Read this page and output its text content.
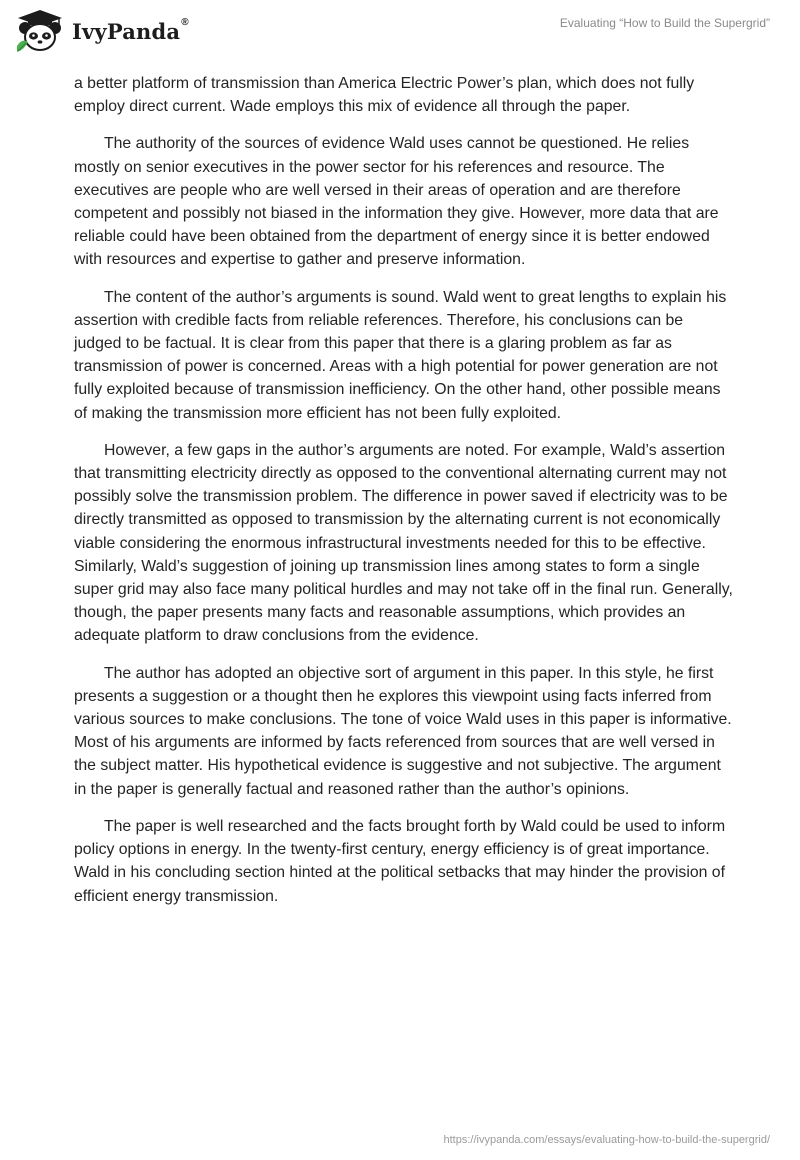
IvyPanda®	Evaluating “How to Build the Supergrid”

a better platform of transmission than America Electric Power’s plan, which does not fully employ direct current. Wade employs this mix of evidence all through the paper.

The authority of the sources of evidence Wald uses cannot be questioned. He relies mostly on senior executives in the power sector for his references and resource. The executives are people who are well versed in their areas of operation and are therefore competent and possibly not biased in the information they give. However, more data that are reliable could have been obtained from the department of energy since it is better endowed with resources and expertise to gather and preserve information.

The content of the author’s arguments is sound. Wald went to great lengths to explain his assertion with credible facts from reliable references. Therefore, his conclusions can be judged to be factual. It is clear from this paper that there is a glaring problem as far as transmission of power is concerned. Areas with a high potential for power generation are not fully exploited because of transmission inefficiency. On the other hand, other possible means of making the transmission more efficient has not been fully exploited.

However, a few gaps in the author’s arguments are noted. For example, Wald’s assertion that transmitting electricity directly as opposed to the conventional alternating current may not possibly solve the transmission problem. The difference in power saved if electricity was to be directly transmitted as opposed to transmission by the alternating current is not economically viable considering the enormous infrastructural investments needed for this to be effective. Similarly, Wald’s suggestion of joining up transmission lines among states to form a single super grid may also face many political hurdles and may not take off in the final run. Generally, though, the paper presents many facts and reasonable assumptions, which provides an adequate platform to draw conclusions from the evidence.

The author has adopted an objective sort of argument in this paper. In this style, he first presents a suggestion or a thought then he explores this viewpoint using facts inferred from various sources to make conclusions. The tone of voice Wald uses in this paper is informative. Most of his arguments are informed by facts referenced from sources that are well versed in the subject matter. His hypothetical evidence is suggestive and not subjective. The argument in the paper is generally factual and reasoned rather than the author’s opinions.

The paper is well researched and the facts brought forth by Wald could be used to inform policy options in energy. In the twenty-first century, energy efficiency is of great importance. Wald in his concluding section hinted at the political setbacks that may hinder the provision of efficient energy transmission.

https://ivypanda.com/essays/evaluating-how-to-build-the-supergrid/
